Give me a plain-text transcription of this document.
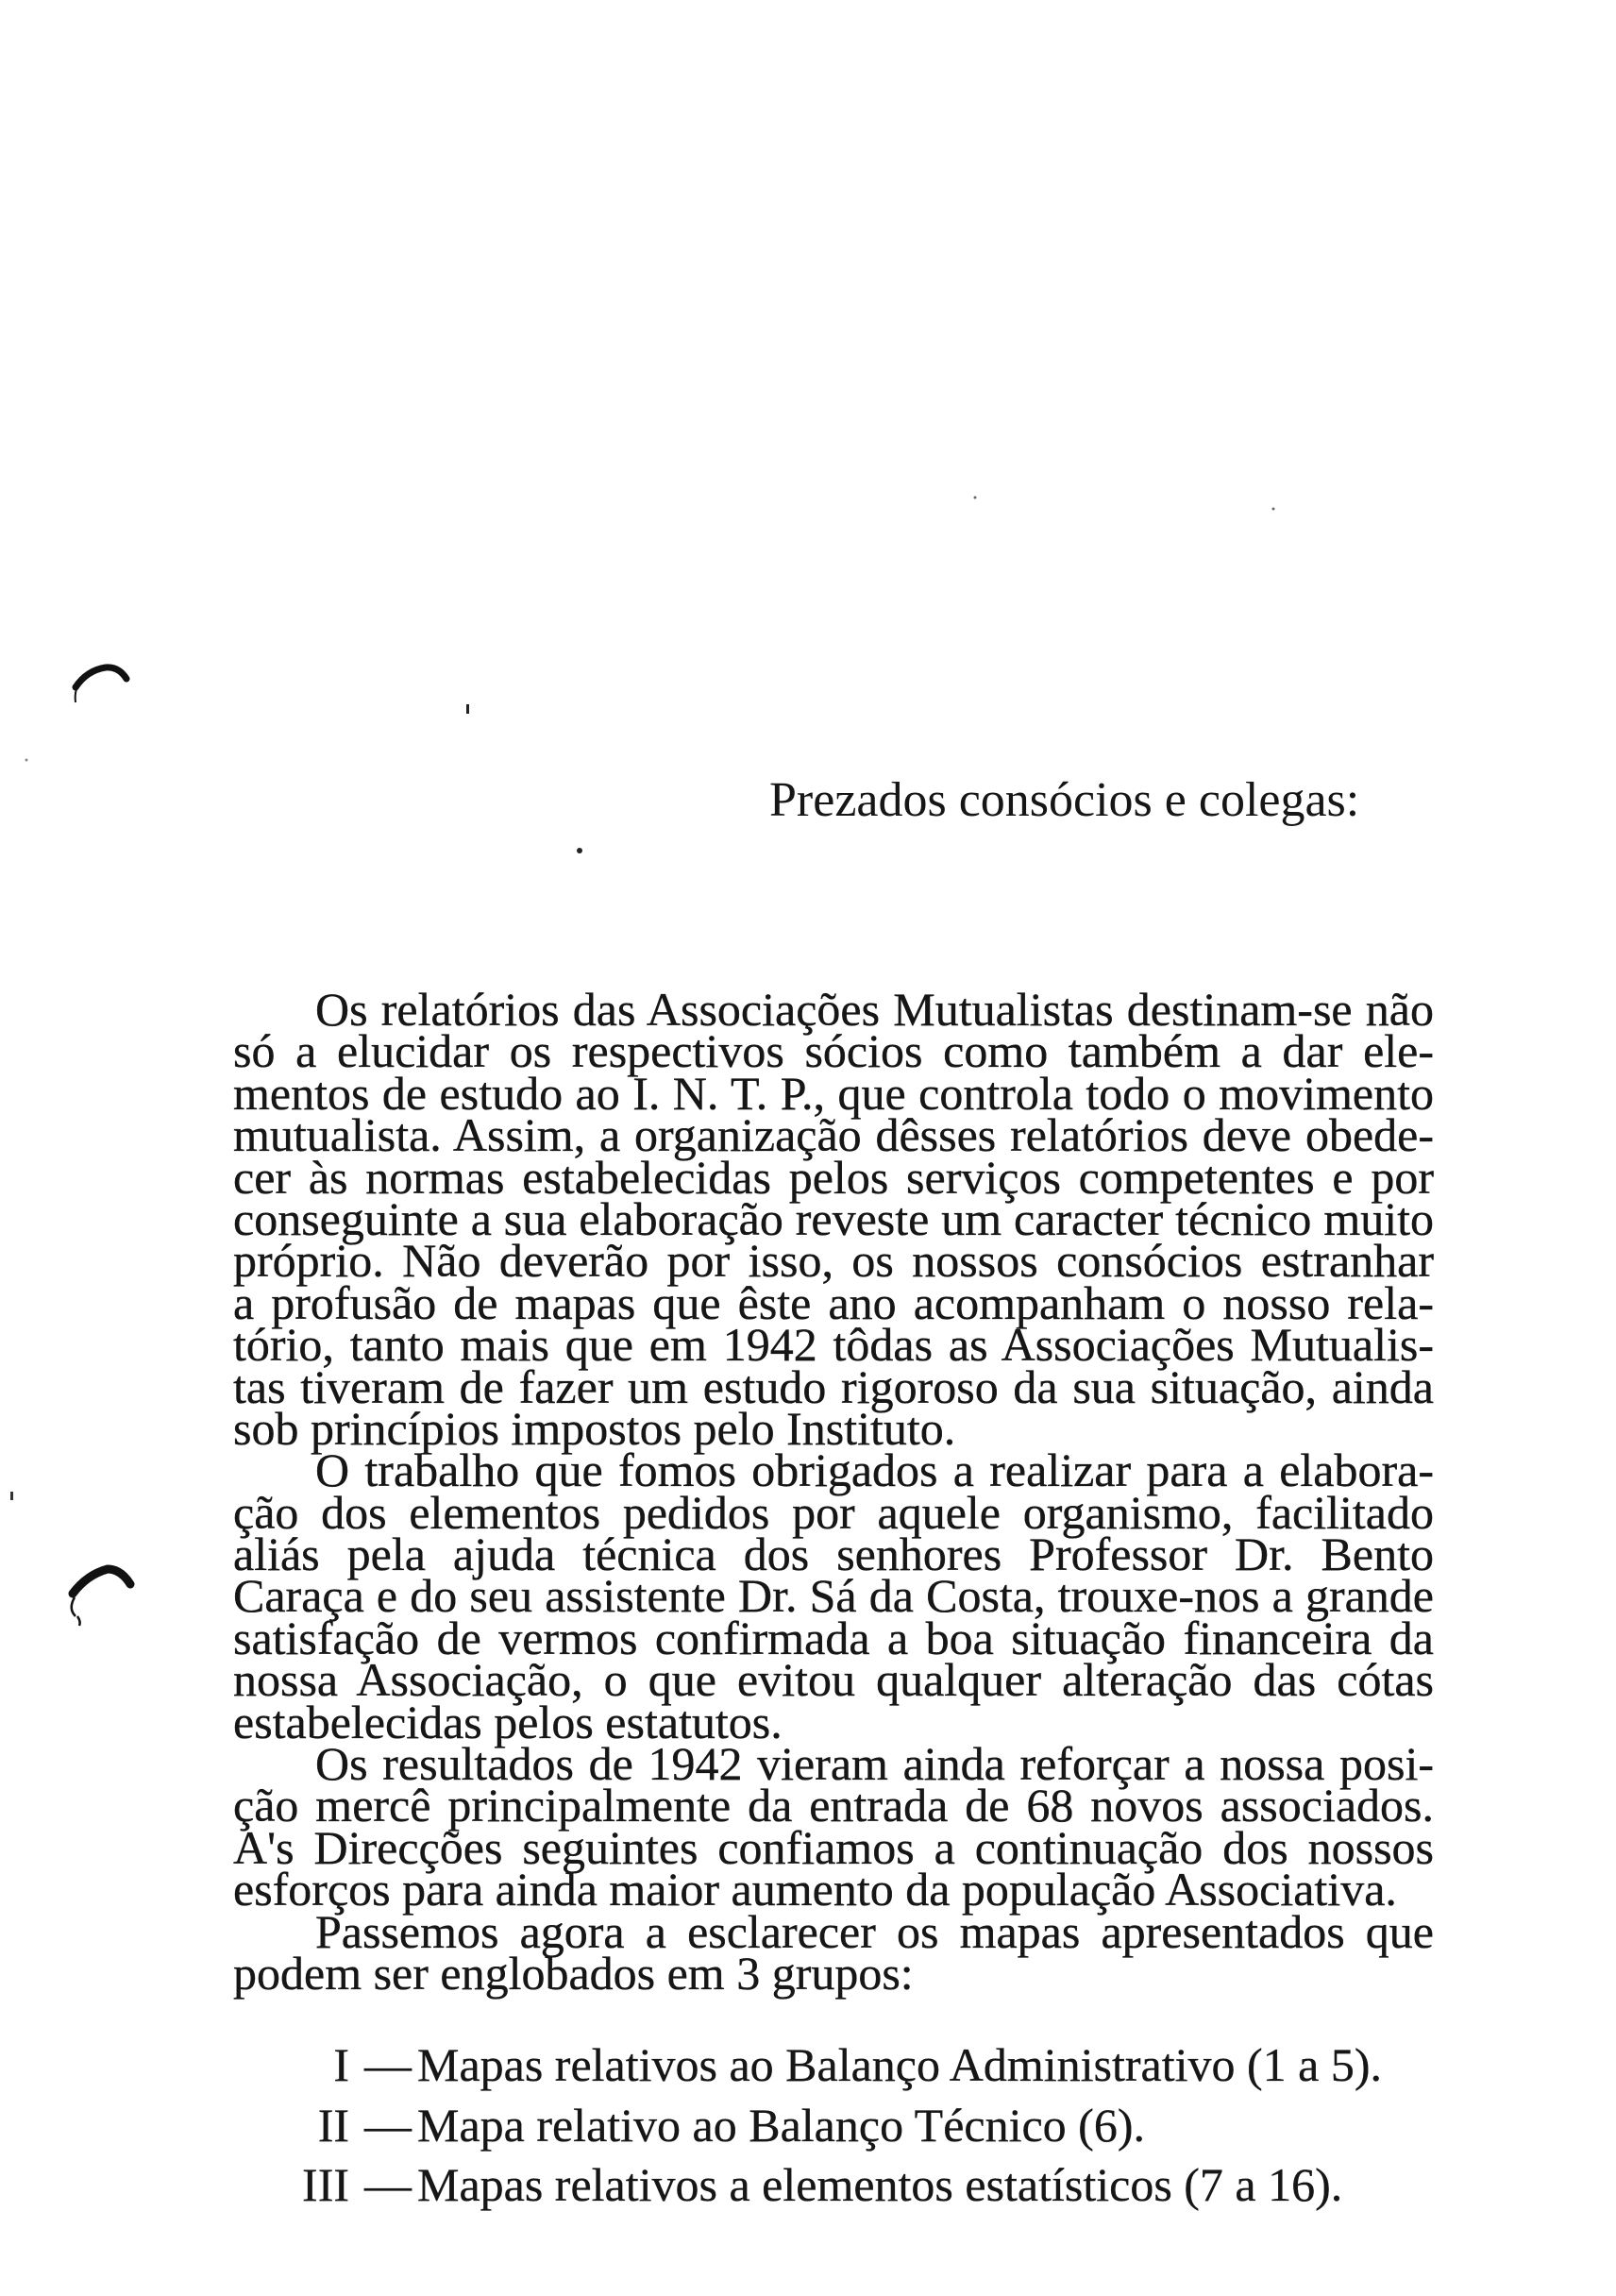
Prezados consócios e colegas:
Os relatórios das Associações Mutualistas destinam-se não
só a elucidar os respectivos sócios como também a dar ele-
mentos de estudo ao I. N. T. P., que controla todo o movimento
mutualista. Assim, a organização dêsses relatórios deve obede-
cer às normas estabelecidas pelos serviços competentes e por
conseguinte a sua elaboração reveste um caracter técnico muito
próprio. Não deverão por isso, os nossos consócios estranhar
a profusão de mapas que êste ano acompanham o nosso rela-
tório, tanto mais que em 1942 tôdas as Associações Mutualis-
tas tiveram de fazer um estudo rigoroso da sua situação, ainda
sob princípios impostos pelo Instituto.
O trabalho que fomos obrigados a realizar para a elabora-
ção dos elementos pedidos por aquele organismo, facilitado
aliás pela ajuda técnica dos senhores Professor Dr. Bento
Caraça e do seu assistente Dr. Sá da Costa, trouxe-nos a grande
satisfação de vermos confirmada a boa situação financeira da
nossa Associação, o que evitou qualquer alteração das cótas
estabelecidas pelos estatutos.
Os resultados de 1942 vieram ainda reforçar a nossa posi-
ção mercê principalmente da entrada de 68 novos associados.
A's Direcções seguintes confiamos a continuação dos nossos
esforços para ainda maior aumento da população Associativa.
Passemos agora a esclarecer os mapas apresentados que
podem ser englobados em 3 grupos:
I — Mapas relativos ao Balanço Administrativo (1 a 5).
II — Mapa relativo ao Balanço Técnico (6).
III — Mapas relativos a elementos estatísticos (7 a 16).
